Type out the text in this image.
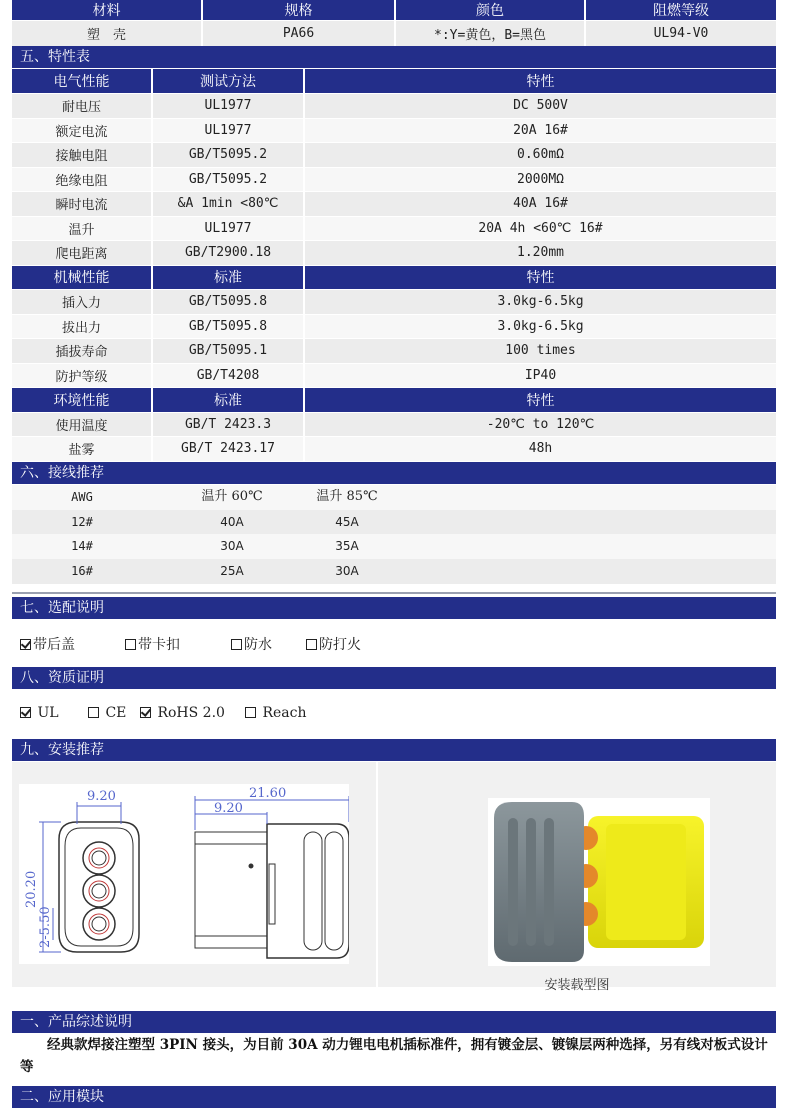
材料	规格	颜色	阻燃等级
塑　壳	PA66	*:Y=黄色，B=黑色	UL94-V0
五、特性表
电气性能	测试方法	特性
耐电压	UL1977	DC 500V
额定电流	UL1977	20A 16#
接触电阻	GB/T5095.2	0.60mΩ
绝缘电阻	GB/T5095.2	2000MΩ
瞬时电流	&A 1min <80℃	40A 16#
温升	UL1977	20A 4h <60℃ 16#
爬电距离	GB/T2900.18	1.20mm
机械性能	标准	特性
插入力	GB/T5095.8	3.0kg-6.5kg
拔出力	GB/T5095.8	3.0kg-6.5kg
插拔寿命	GB/T5095.1	100 times
防护等级	GB/T4208	IP40
环境性能	标准	特性
使用温度	GB/T 2423.3	-20℃ to 120℃
盐雾	GB/T 2423.17	48h
六、接线推荐
AWG	温升 60℃	温升 85℃
12#	40A	45A
14#	30A	35A
16#	25A	30A
七、选配说明
带后盖	带卡扣	防水	防打火
八、资质证明
UL	CE	RoHS 2.0	Reach
九、安装推荐
9.20	21.60
9.20
20.20
2-5.50
安装载型图
一、产品综述说明
经典款焊接注塑型 3PIN 接头，为目前 30A 动力锂电电机插标准件，拥有镀金层、镀镍层两种选择，另有线对板式设计等
二、应用模块
